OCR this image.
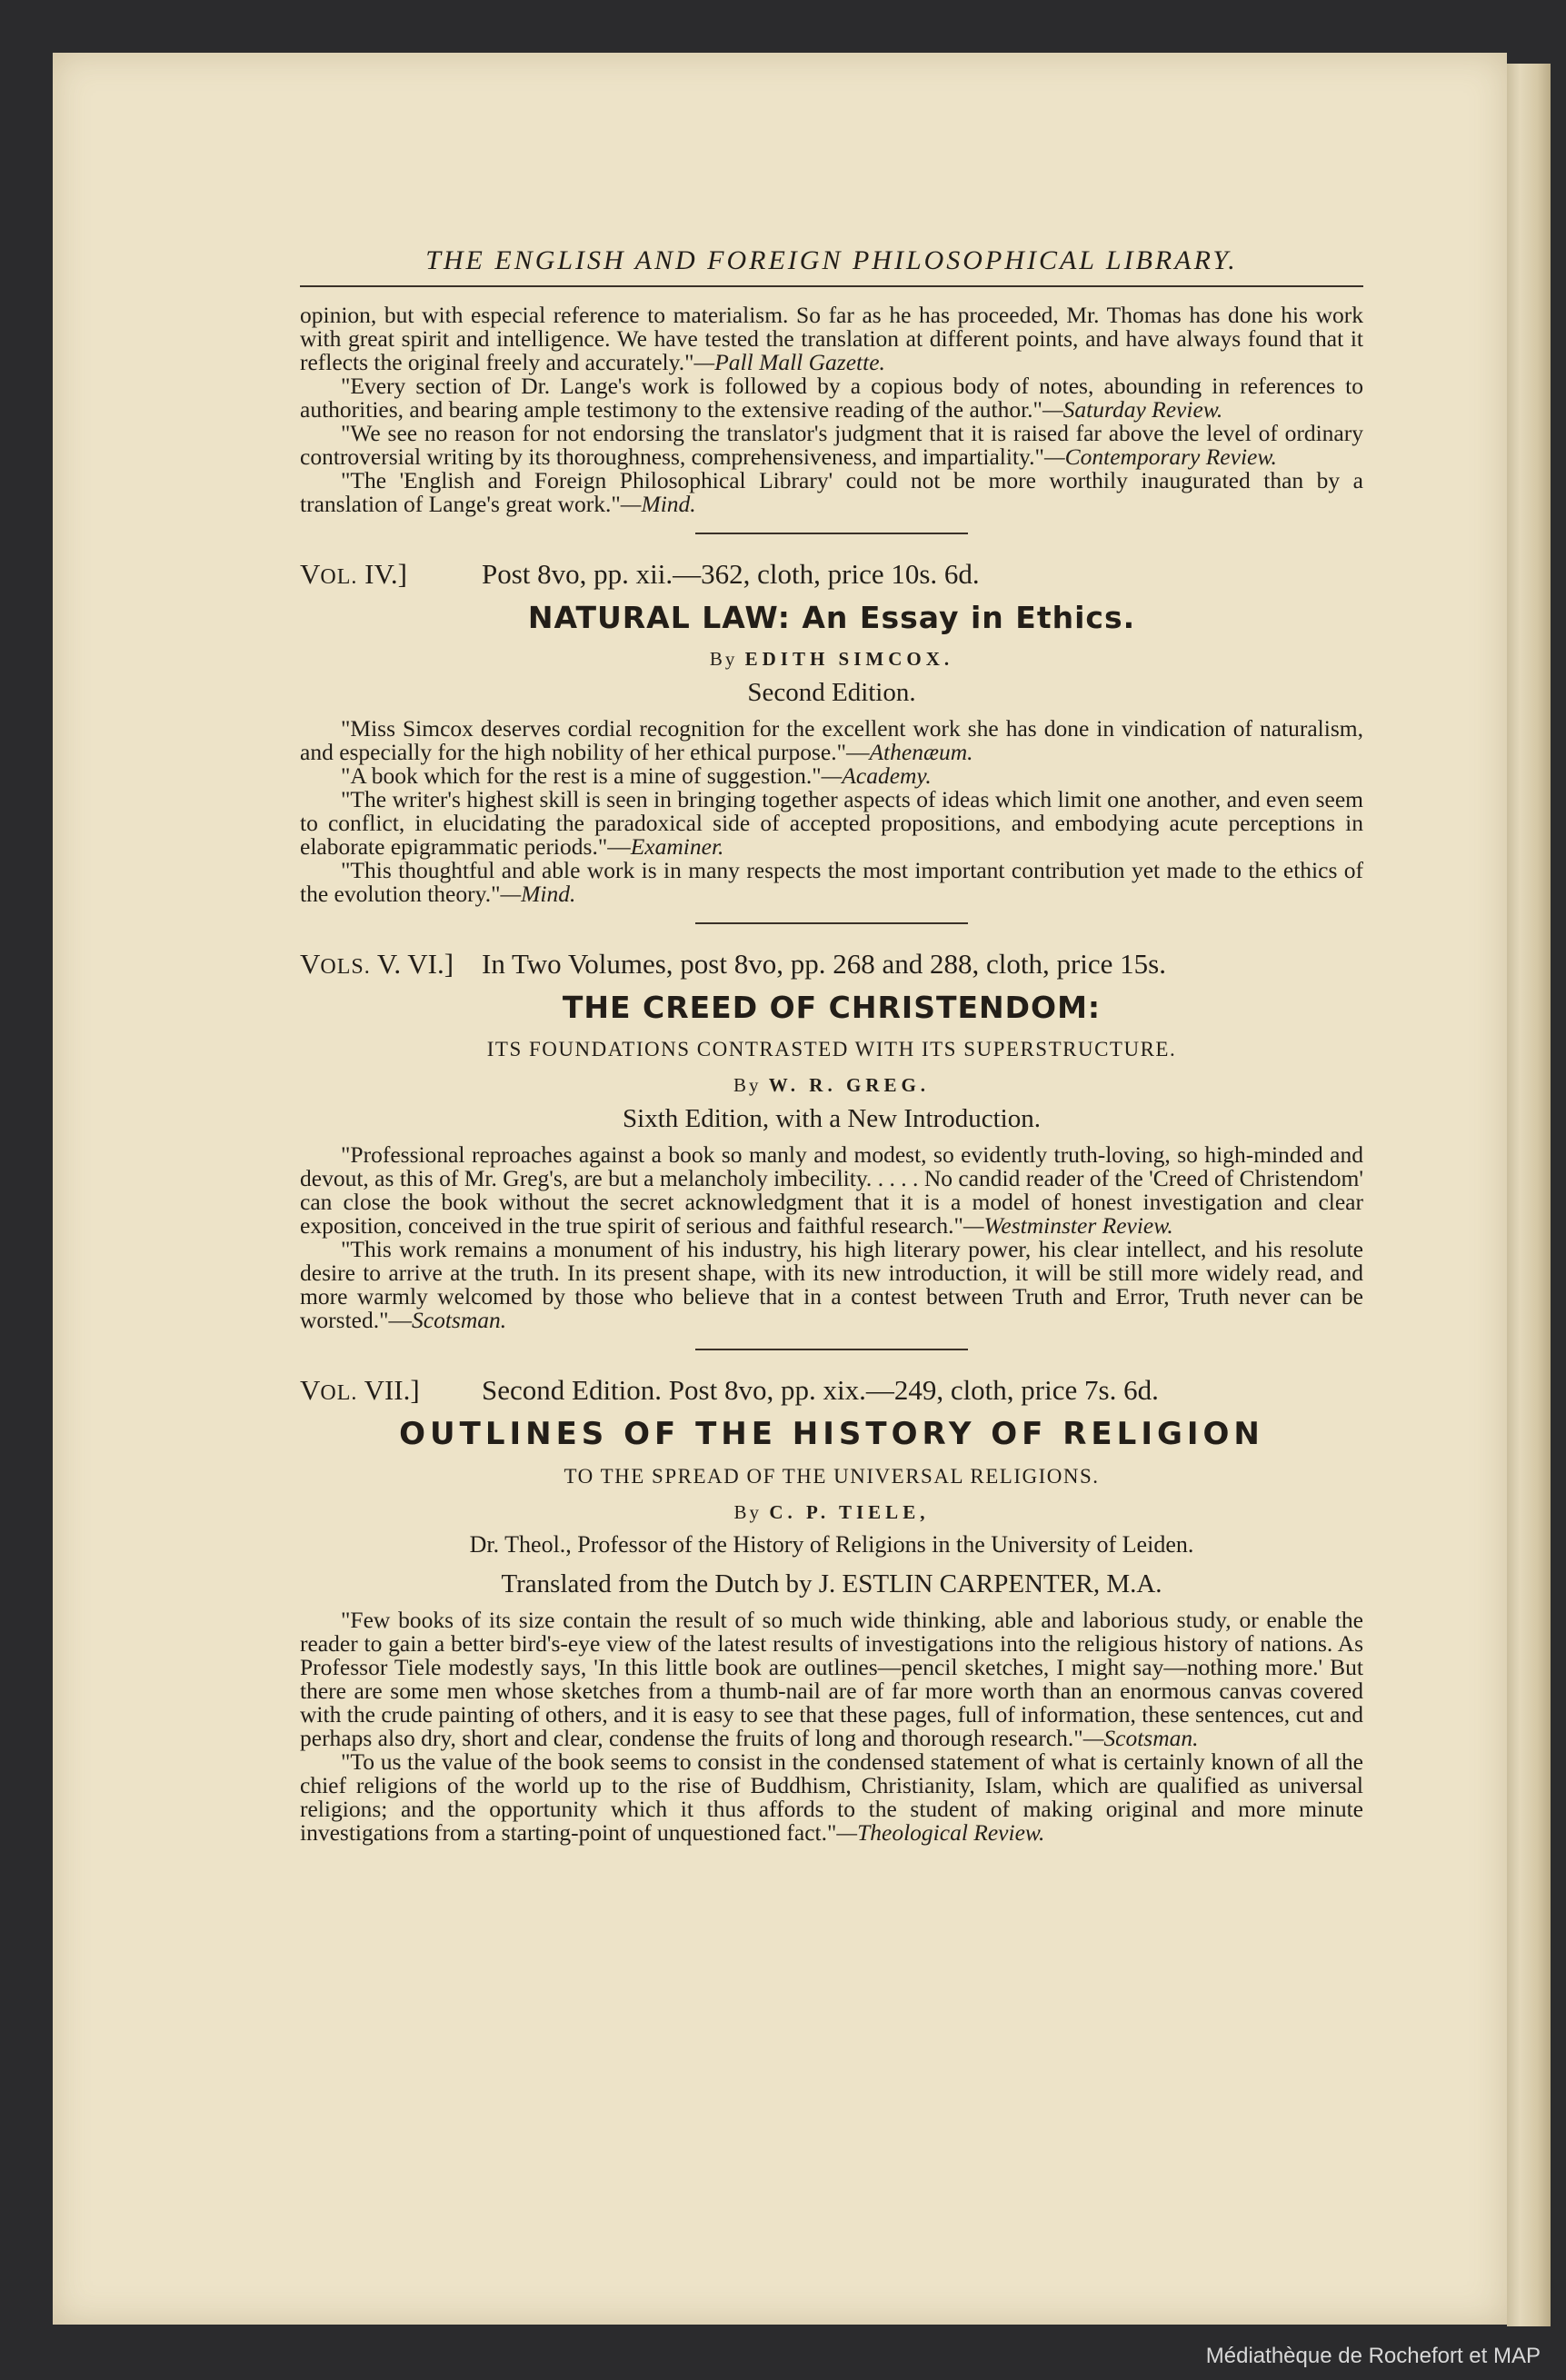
THE ENGLISH AND FOREIGN PHILOSOPHICAL LIBRARY.

opinion, but with especial reference to materialism. So far as he has proceeded, Mr. Thomas has done his work with great spirit and intelligence. We have tested the translation at different points, and have always found that it reflects the original freely and accurately."—Pall Mall Gazette.

"Every section of Dr. Lange's work is followed by a copious body of notes, abounding in references to authorities, and bearing ample testimony to the extensive reading of the author."—Saturday Review.

"We see no reason for not endorsing the translator's judgment that it is raised far above the level of ordinary controversial writing by its thoroughness, comprehensiveness, and impartiality."—Contemporary Review.

"The 'English and Foreign Philosophical Library' could not be more worthily inaugurated than by a translation of Lange's great work."—Mind.

VOL. IV.]	Post 8vo, pp. xii.—362, cloth, price 10s. 6d.
NATURAL LAW: An Essay in Ethics.
By EDITH SIMCOX.
Second Edition.

"Miss Simcox deserves cordial recognition for the excellent work she has done in vindication of naturalism, and especially for the high nobility of her ethical purpose."—Athenæum.

"A book which for the rest is a mine of suggestion."—Academy.

"The writer's highest skill is seen in bringing together aspects of ideas which limit one another, and even seem to conflict, in elucidating the paradoxical side of accepted propositions, and embodying acute perceptions in elaborate epigrammatic periods."—Examiner.

"This thoughtful and able work is in many respects the most important contribution yet made to the ethics of the evolution theory."—Mind.

VOLS. V. VI.] In Two Volumes, post 8vo, pp. 268 and 288, cloth, price 15s.
THE CREED OF CHRISTENDOM:
ITS FOUNDATIONS CONTRASTED WITH ITS SUPERSTRUCTURE.
By W. R. GREG.
Sixth Edition, with a New Introduction.

"Professional reproaches against a book so manly and modest, so evidently truth-loving, so high-minded and devout, as this of Mr. Greg's, are but a melancholy imbecility. . . . . No candid reader of the 'Creed of Christendom' can close the book without the secret acknowledgment that it is a model of honest investigation and clear exposition, conceived in the true spirit of serious and faithful research."—Westminster Review.

"This work remains a monument of his industry, his high literary power, his clear intellect, and his resolute desire to arrive at the truth. In its present shape, with its new introduction, it will be still more widely read, and more warmly welcomed by those who believe that in a contest between Truth and Error, Truth never can be worsted."—Scotsman.

VOL. VII.]	Second Edition. Post 8vo, pp. xix.—249, cloth, price 7s. 6d.
OUTLINES OF THE HISTORY OF RELIGION
TO THE SPREAD OF THE UNIVERSAL RELIGIONS.
By C. P. TIELE,
Dr. Theol., Professor of the History of Religions in the University of Leiden.
Translated from the Dutch by J. ESTLIN CARPENTER, M.A.

"Few books of its size contain the result of so much wide thinking, able and laborious study, or enable the reader to gain a better bird's-eye view of the latest results of investigations into the religious history of nations. As Professor Tiele modestly says, 'In this little book are outlines—pencil sketches, I might say—nothing more.' But there are some men whose sketches from a thumb-nail are of far more worth than an enormous canvas covered with the crude painting of others, and it is easy to see that these pages, full of information, these sentences, cut and perhaps also dry, short and clear, condense the fruits of long and thorough research."—Scotsman.

"To us the value of the book seems to consist in the condensed statement of what is certainly known of all the chief religions of the world up to the rise of Buddhism, Christianity, Islam, which are qualified as universal religions; and the opportunity which it thus affords to the student of making original and more minute investigations from a starting-point of unquestioned fact."—Theological Review.

Médiathèque de Rochefort et MAP
